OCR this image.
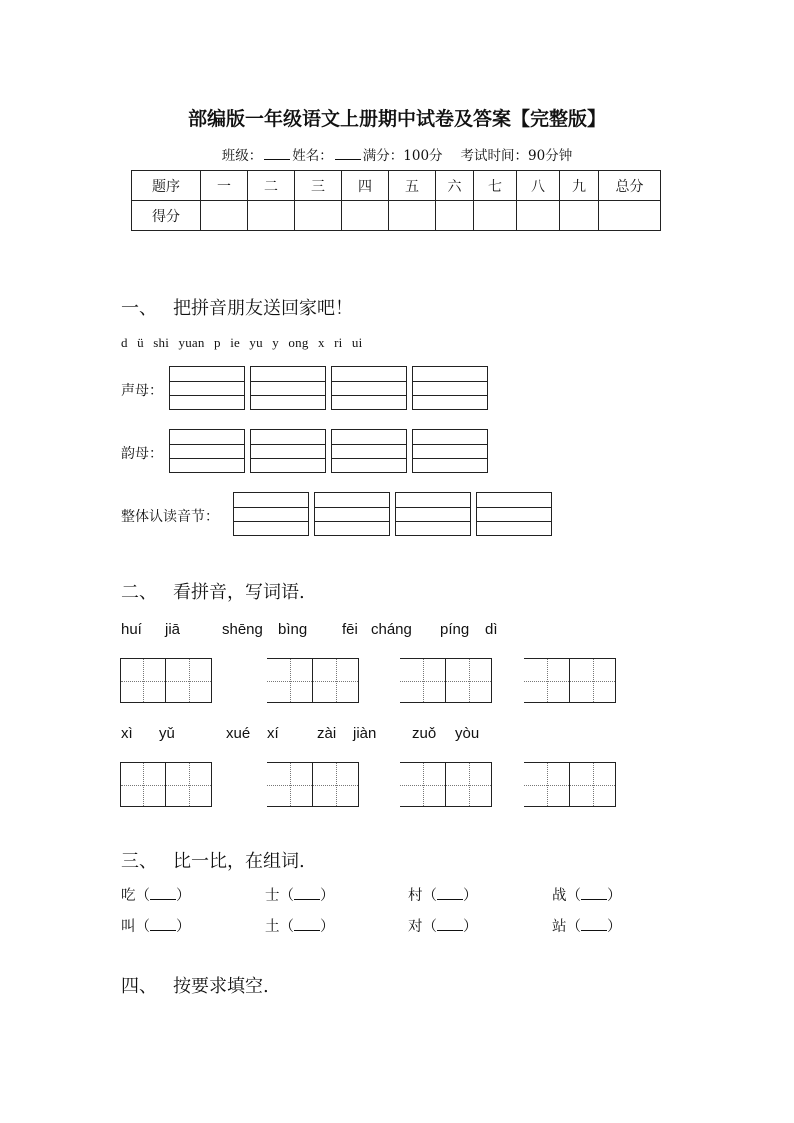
部编版一年级语文上册期中试卷及答案【完整版】
班级： 姓名： 满分：100分 考试时间：90分钟
题序	一	二	三	四	五	六	七	八	九	总分
得分										
一、 把拼音朋友送回家吧！
d ü shi yuan p ie yu y ong x ri ui
声母：
韵母：
整体认读音节：
二、 看拼音，写词语.
huí jiā	shēng bìng fēi cháng píng dì
xì yǔ	xué xí	zài jiàn zuǒ yòu
三、 比一比，在组词.
吃（ ）	士（ ）	村（ ）	战（ ）
叫（ ）	土（ ）	对（ ）	站（ ）
四、 按要求填空.
